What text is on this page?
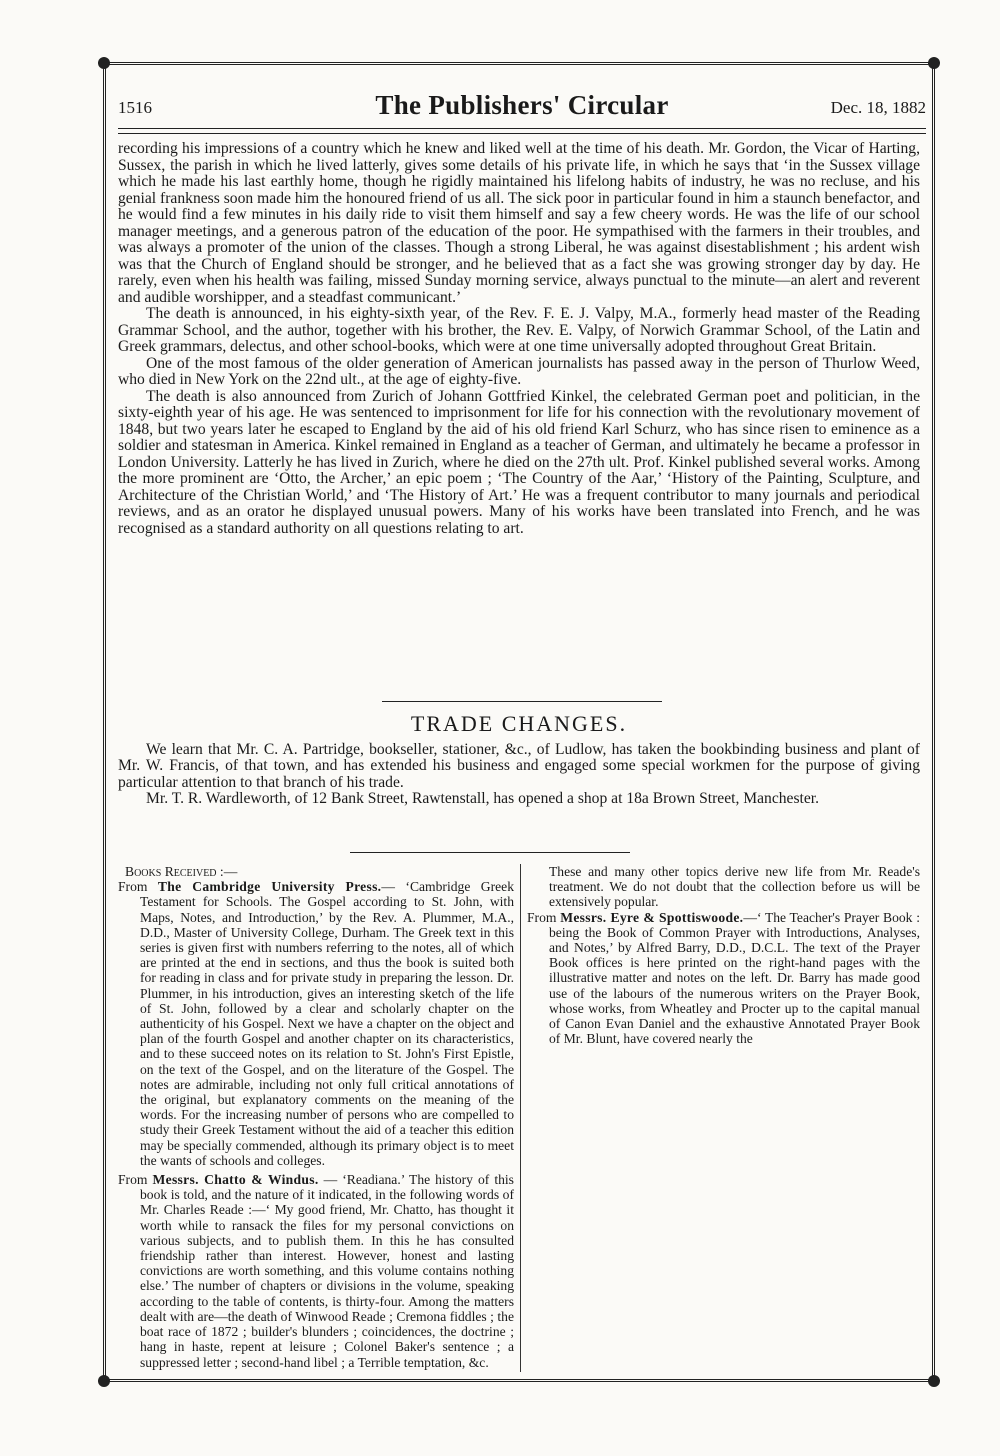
1516	The Publishers' Circular	Dec. 18, 1882

recording his impressions of a country which he knew and liked well at the time of his death. Mr. Gordon, the Vicar of Harting, Sussex, the parish in which he lived latterly, gives some details of his private life, in which he says that ‘in the Sussex village which he made his last earthly home, though he rigidly maintained his lifelong habits of industry, he was no recluse, and his genial frankness soon made him the honoured friend of us all. The sick poor in particular found in him a staunch benefactor, and he would find a few minutes in his daily ride to visit them himself and say a few cheery words. He was the life of our school manager meetings, and a generous patron of the education of the poor. He sympathised with the farmers in their troubles, and was always a promoter of the union of the classes. Though a strong Liberal, he was against disestablishment ; his ardent wish was that the Church of England should be stronger, and he believed that as a fact she was growing stronger day by day. He rarely, even when his health was failing, missed Sunday morning service, always punctual to the minute—an alert and reverent and audible worshipper, and a steadfast communicant.’

The death is announced, in his eighty-sixth year, of the Rev. F. E. J. Valpy, M.A., formerly head master of the Reading Grammar School, and the author, together with his brother, the Rev. E. Valpy, of Norwich Grammar School, of the Latin and Greek grammars, delectus, and other school-books, which were at one time universally adopted throughout Great Britain.

One of the most famous of the older generation of American journalists has passed away in the person of Thurlow Weed, who died in New York on the 22nd ult., at the age of eighty-five.

The death is also announced from Zurich of Johann Gottfried Kinkel, the celebrated German poet and politician, in the sixty-eighth year of his age. He was sentenced to imprisonment for life for his connection with the revolutionary movement of 1848, but two years later he escaped to England by the aid of his old friend Karl Schurz, who has since risen to eminence as a soldier and statesman in America. Kinkel remained in England as a teacher of German, and ultimately he became a professor in London University. Latterly he has lived in Zurich, where he died on the 27th ult. Prof. Kinkel published several works. Among the more prominent are ‘Otto, the Archer,’ an epic poem ; ‘The Country of the Aar,’ ‘History of the Painting, Sculpture, and Architecture of the Christian World,’ and ‘The History of Art.’ He was a frequent contributor to many journals and periodical reviews, and as an orator he displayed unusual powers. Many of his works have been translated into French, and he was recognised as a standard authority on all questions relating to art.

TRADE CHANGES.

We learn that Mr. C. A. Partridge, bookseller, stationer, &c., of Ludlow, has taken the bookbinding business and plant of Mr. W. Francis, of that town, and has extended his business and engaged some special workmen for the purpose of giving particular attention to that branch of his trade.

Mr. T. R. Wardleworth, of 12 Bank Street, Rawtenstall, has opened a shop at 18a Brown Street, Manchester.

Books Received :—

From The Cambridge University Press.— ‘Cambridge Greek Testament for Schools. The Gospel according to St. John, with Maps, Notes, and Introduction,’ by the Rev. A. Plummer, M.A., D.D., Master of University College, Durham. The Greek text in this series is given first with numbers referring to the notes, all of which are printed at the end in sections, and thus the book is suited both for reading in class and for private study in preparing the lesson. Dr. Plummer, in his introduction, gives an interesting sketch of the life of St. John, followed by a clear and scholarly chapter on the authenticity of his Gospel. Next we have a chapter on the object and plan of the fourth Gospel and another chapter on its characteristics, and to these succeed notes on its relation to St. John's First Epistle, on the text of the Gospel, and on the literature of the Gospel. The notes are admirable, including not only full critical annotations of the original, but explanatory comments on the meaning of the words. For the increasing number of persons who are compelled to study their Greek Testament without the aid of a teacher this edition may be specially commended, although its primary object is to meet the wants of schools and colleges.

From Messrs. Chatto & Windus. — ‘Readiana.’ The history of this book is told, and the nature of it indicated, in the following words of Mr. Charles Reade :—‘ My good friend, Mr. Chatto, has thought it worth while to ransack the files for my personal convictions on various subjects, and to publish them. In this he has consulted friendship rather than interest. However, honest and lasting convictions are worth something, and this volume contains nothing else.’ The number of chapters or divisions in the volume, speaking according to the table of contents, is thirty-four. Among the matters dealt with are—the death of Winwood Reade ; Cremona fiddles ; the boat race of 1872 ; builder's blunders ; coincidences, the doctrine ; hang in haste, repent at leisure ; Colonel Baker's sentence ; a suppressed letter ; second-hand libel ; a Terrible temptation, &c.

These and many other topics derive new life from Mr. Reade's treatment. We do not doubt that the collection before us will be extensively popular.

From Messrs. Eyre & Spottiswoode.—‘ The Teacher's Prayer Book : being the Book of Common Prayer with Introductions, Analyses, and Notes,’ by Alfred Barry, D.D., D.C.L. The text of the Prayer Book offices is here printed on the right-hand pages with the illustrative matter and notes on the left. Dr. Barry has made good use of the labours of the numerous writers on the Prayer Book, whose works, from Wheatley and Procter up to the capital manual of Canon Evan Daniel and the exhaustive Annotated Prayer Book of Mr. Blunt, have covered nearly the
